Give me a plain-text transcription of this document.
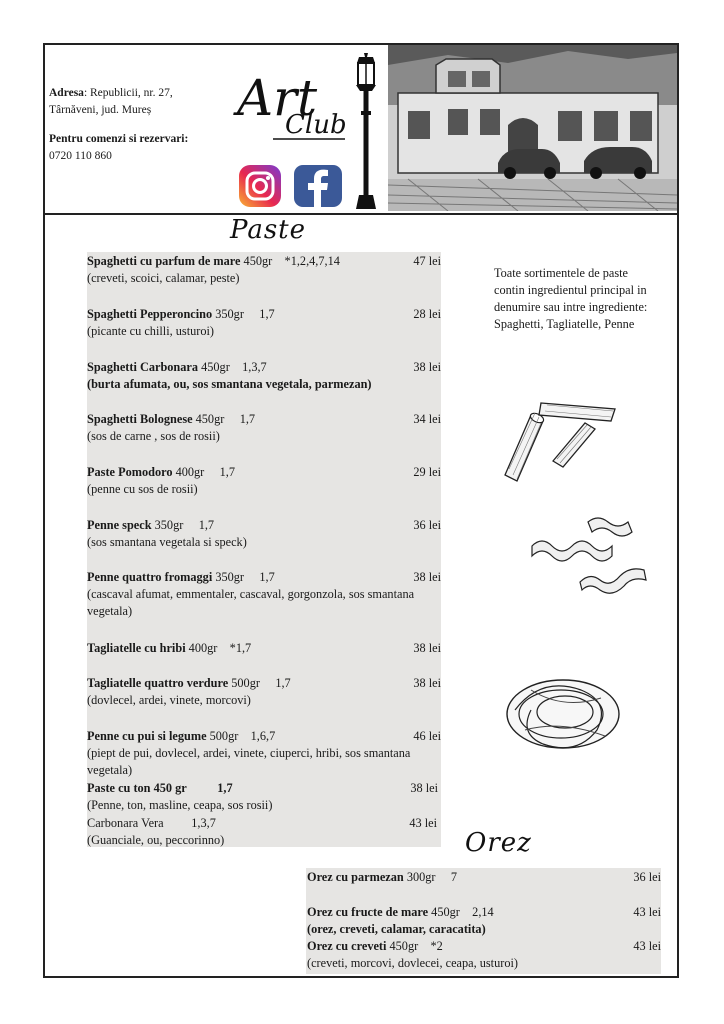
Adresa: Republicii, nr. 27,
Târnăveni, jud. Mureș
Pentru comenzi si rezervari:
0720 110 860
Art
Club
Paste
Spaghetti cu parfum de mare 450gr    *1,2,4,7,14	47 lei
(creveti, scoici, calamar, peste)
Spaghetti Pepperoncino 350gr     1,7	28 lei
(picante cu chilli, usturoi)
Spaghetti Carbonara 450gr    1,3,7	38 lei
(burta afumata, ou, sos smantana vegetala, parmezan)
Spaghetti Bolognese 450gr     1,7	34 lei
(sos de carne , sos de rosii)
Paste Pomodoro 400gr     1,7	29 lei
(penne cu sos de rosii)
Penne speck 350gr     1,7	36 lei
(sos smantana vegetala si speck)
Penne quattro fromaggi 350gr     1,7	38 lei
(cascaval afumat, emmentaler, cascaval, gorgonzola, sos smantana vegetala)
Tagliatelle cu hribi 400gr    *1,7	38 lei
Tagliatelle quattro verdure 500gr     1,7	38 lei
(dovlecel, ardei, vinete, morcovi)
Penne cu pui si legume 500gr    1,6,7	46 lei
(piept de pui, dovlecel, ardei, vinete, ciuperci, hribi, sos smantana vegetala)
Paste cu ton 450 gr          1,7	38 lei
(Penne, ton, masline, ceapa, sos rosii)
Carbonara Vera         1,3,7	43 lei
(Guanciale, ou, peccorinno)
Toate sortimentele de paste contin ingredientul principal in denumire sau intre ingrediente: Spaghetti, Tagliatelle, Penne
Orez
Orez cu parmezan 300gr     7	36 lei
Orez cu fructe de mare 450gr    2,14	43 lei
(orez, creveti, calamar, caracatita)
Orez cu creveti 450gr    *2	43 lei
(creveti, morcovi, dovlecei, ceapa, usturoi)
